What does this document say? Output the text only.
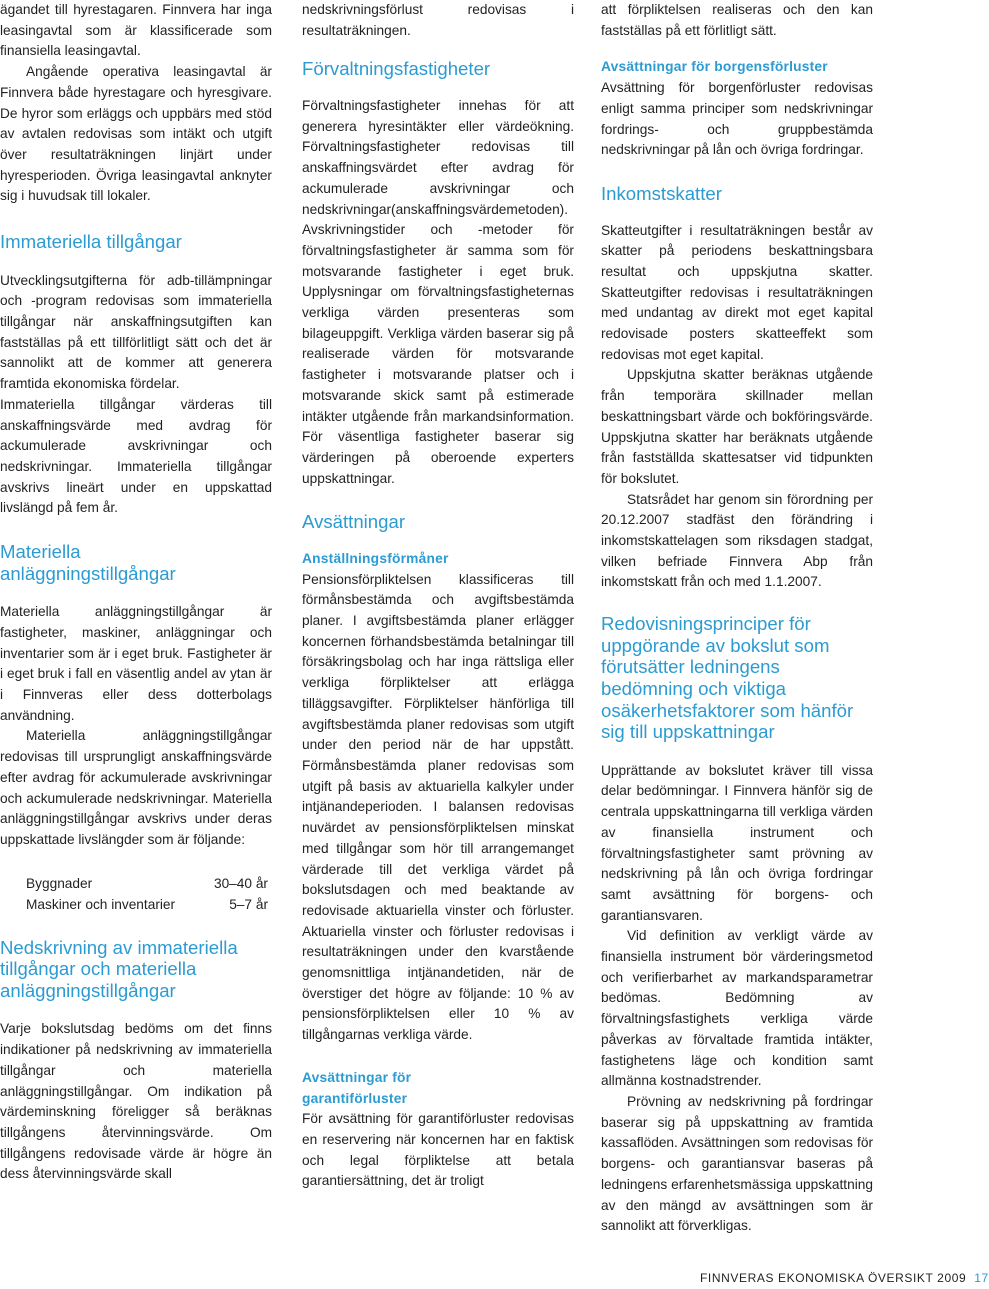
ägandet till hyrestagaren. Finnvera har inga leasingavtal som är klassificerade som finansiella leasingavtal.

Angående operativa leasingavtal är Finnvera både hyrestagare och hyresgivare. De hyror som erläggs och uppbärs med stöd av avtalen redovisas som intäkt och utgift över resultaträkningen linjärt under hyresperioden. Övriga leasingavtal anknyter sig i huvudsak till lokaler.

Immateriella tillgångar

Utvecklingsutgifterna för adb-tillämpningar och -program redovisas som immateriella tillgångar när anskaffningsutgiften kan fastställas på ett tillförlitligt sätt och det är sannolikt att de kommer att generera framtida ekonomiska fördelar.

Immateriella tillgångar värderas till anskaffningsvärde med avdrag för ackumulerade avskrivningar och nedskrivningar. Immateriella tillgångar avskrivs lineärt under en uppskattad livslängd på fem år.

Materiella anläggningstillgångar

Materiella anläggningstillgångar är fastigheter, maskiner, anläggningar och inventarier som är i eget bruk. Fastigheter är i eget bruk i fall en väsentlig andel av ytan är i Finnveras eller dess dotterbolags användning.

Materiella anläggningstillgångar redovisas till ursprungligt anskaffningsvärde efter avdrag för ackumulerade avskrivningar och ackumulerade nedskrivningar. Materiella anläggningstillgångar avskrivs under deras uppskattade livslängder som är följande:

Byggnader	30–40 år
Maskiner och inventarier	5–7 år
Nedskrivning av immateriella tillgångar och materiella anläggningstillgångar

Varje bokslutsdag bedöms om det finns indikationer på nedskrivning av immateriella tillgångar och materiella anläggningstillgångar. Om indikation på värdeminskning föreligger så beräknas tillgångens återvinningsvärde. Om tillgångens redovisade värde är högre än dess återvinningsvärde skall

nedskrivningsförlust redovisas i resultaträkningen.

Förvaltningsfastigheter

Förvaltningsfastigheter innehas för att generera hyresintäkter eller värdeökning. Förvaltningsfastigheter redovisas till anskaffningsvärdet efter avdrag för ackumulerade avskrivningar och nedskrivningar(anskaffningsvärdemetoden). Avskrivningstider och -metoder för förvaltningsfastigheter är samma som för motsvarande fastigheter i eget bruk. Upplysningar om förvaltningsfastigheternas verkliga värden presenteras som bilageuppgift. Verkliga värden baserar sig på realiserade värden för motsvarande fastigheter i motsvarande platser och i motsvarande skick samt på estimerade intäkter utgående från markandsinformation. För väsentliga fastigheter baserar sig värderingen på oberoende experters uppskattningar.

Avsättningar
Anställningsförmåner

Pensionsförpliktelsen klassificeras till förmånsbestämda och avgiftsbestämda planer. I avgiftsbestämda planer erlägger koncernen förhandsbestämda betalningar till försäkringsbolag och har inga rättsliga eller verkliga förpliktelser att erlägga tilläggsavgifter. Förpliktelser hänförliga till avgiftsbestämda planer redovisas som utgift under den period när de har uppstått. Förmånsbestämda planer redovisas som utgift på basis av aktuariella kalkyler under intjänandeperioden. I balansen redovisas nuvärdet av pensionsförpliktelsen minskat med tillgångar som hör till arrangemanget värderade till det verkliga värdet på bokslutsdagen och med beaktande av redovisade aktuariella vinster och förluster. Aktuariella vinster och förluster redovisas i resultaträkningen under den kvarstående genomsnittliga intjänandetiden, när de överstiger det högre av följande: 10 % av pensionsförpliktelsen eller 10 % av tillgångarnas verkliga värde.

Avsättningar för garantiförluster

För avsättning för garantiförluster redovisas en reservering när koncernen har en faktisk och legal förpliktelse att betala garantiersättning, det är troligt

att förpliktelsen realiseras och den kan fastställas på ett förlitligt sätt.

Avsättningar för borgensförluster

Avsättning för borgenförluster redovisas enligt samma principer som nedskrivningar fordrings- och gruppbestämda nedskrivningar på lån och övriga fordringar.

Inkomstskatter

Skatteutgifter i resultaträkningen består av skatter på periodens beskattningsbara resultat och uppskjutna skatter. Skatteutgifter redovisas i resultaträkningen med undantag av direkt mot eget kapital redovisade posters skatteeffekt som redovisas mot eget kapital.

Uppskjutna skatter beräknas utgående från temporära skillnader mellan beskattningsbart värde och bokföringsvärde. Uppskjutna skatter har beräknats utgående från fastställda skattesatser vid tidpunkten för bokslutet.

Statsrådet har genom sin förordning per 20.12.2007 stadfäst den förändring i inkomstskattelagen som riksdagen stadgat, vilken befriade Finnvera Abp från inkomstskatt från och med 1.1.2007.

Redovisningsprinciper för uppgörande av bokslut som förutsätter ledningens bedömning och viktiga osäkerhetsfaktorer som hänför sig till uppskattningar

Upprättande av bokslutet kräver till vissa delar bedömningar. I Finnvera hänför sig de centrala uppskattningarna till verkliga värden av finansiella instrument och förvaltningsfastigheter samt prövning av nedskrivning på lån och övriga fordringar samt avsättning för borgens- och garantiansvaren.

Vid definition av verkligt värde av finansiella instrument bör värderingsmetod och verifierbarhet av markandsparametrar bedömas. Bedömning av förvaltningsfastighets verkliga värde påverkas av förvaltade framtida intäkter, fastighetens läge och kondition samt allmänna kostnadstrender.

Prövning av nedskrivning på fordringar baserar sig på uppskattning av framtida kassaflöden. Avsättningen som redovisas för borgens- och garantiansvar baseras på ledningens erfarenhetsmässiga uppskattning av den mängd av avsättningen som är sannolikt att förverkligas.

FINNVERAS EKONOMISKA ÖVERSIKT 2009 17
